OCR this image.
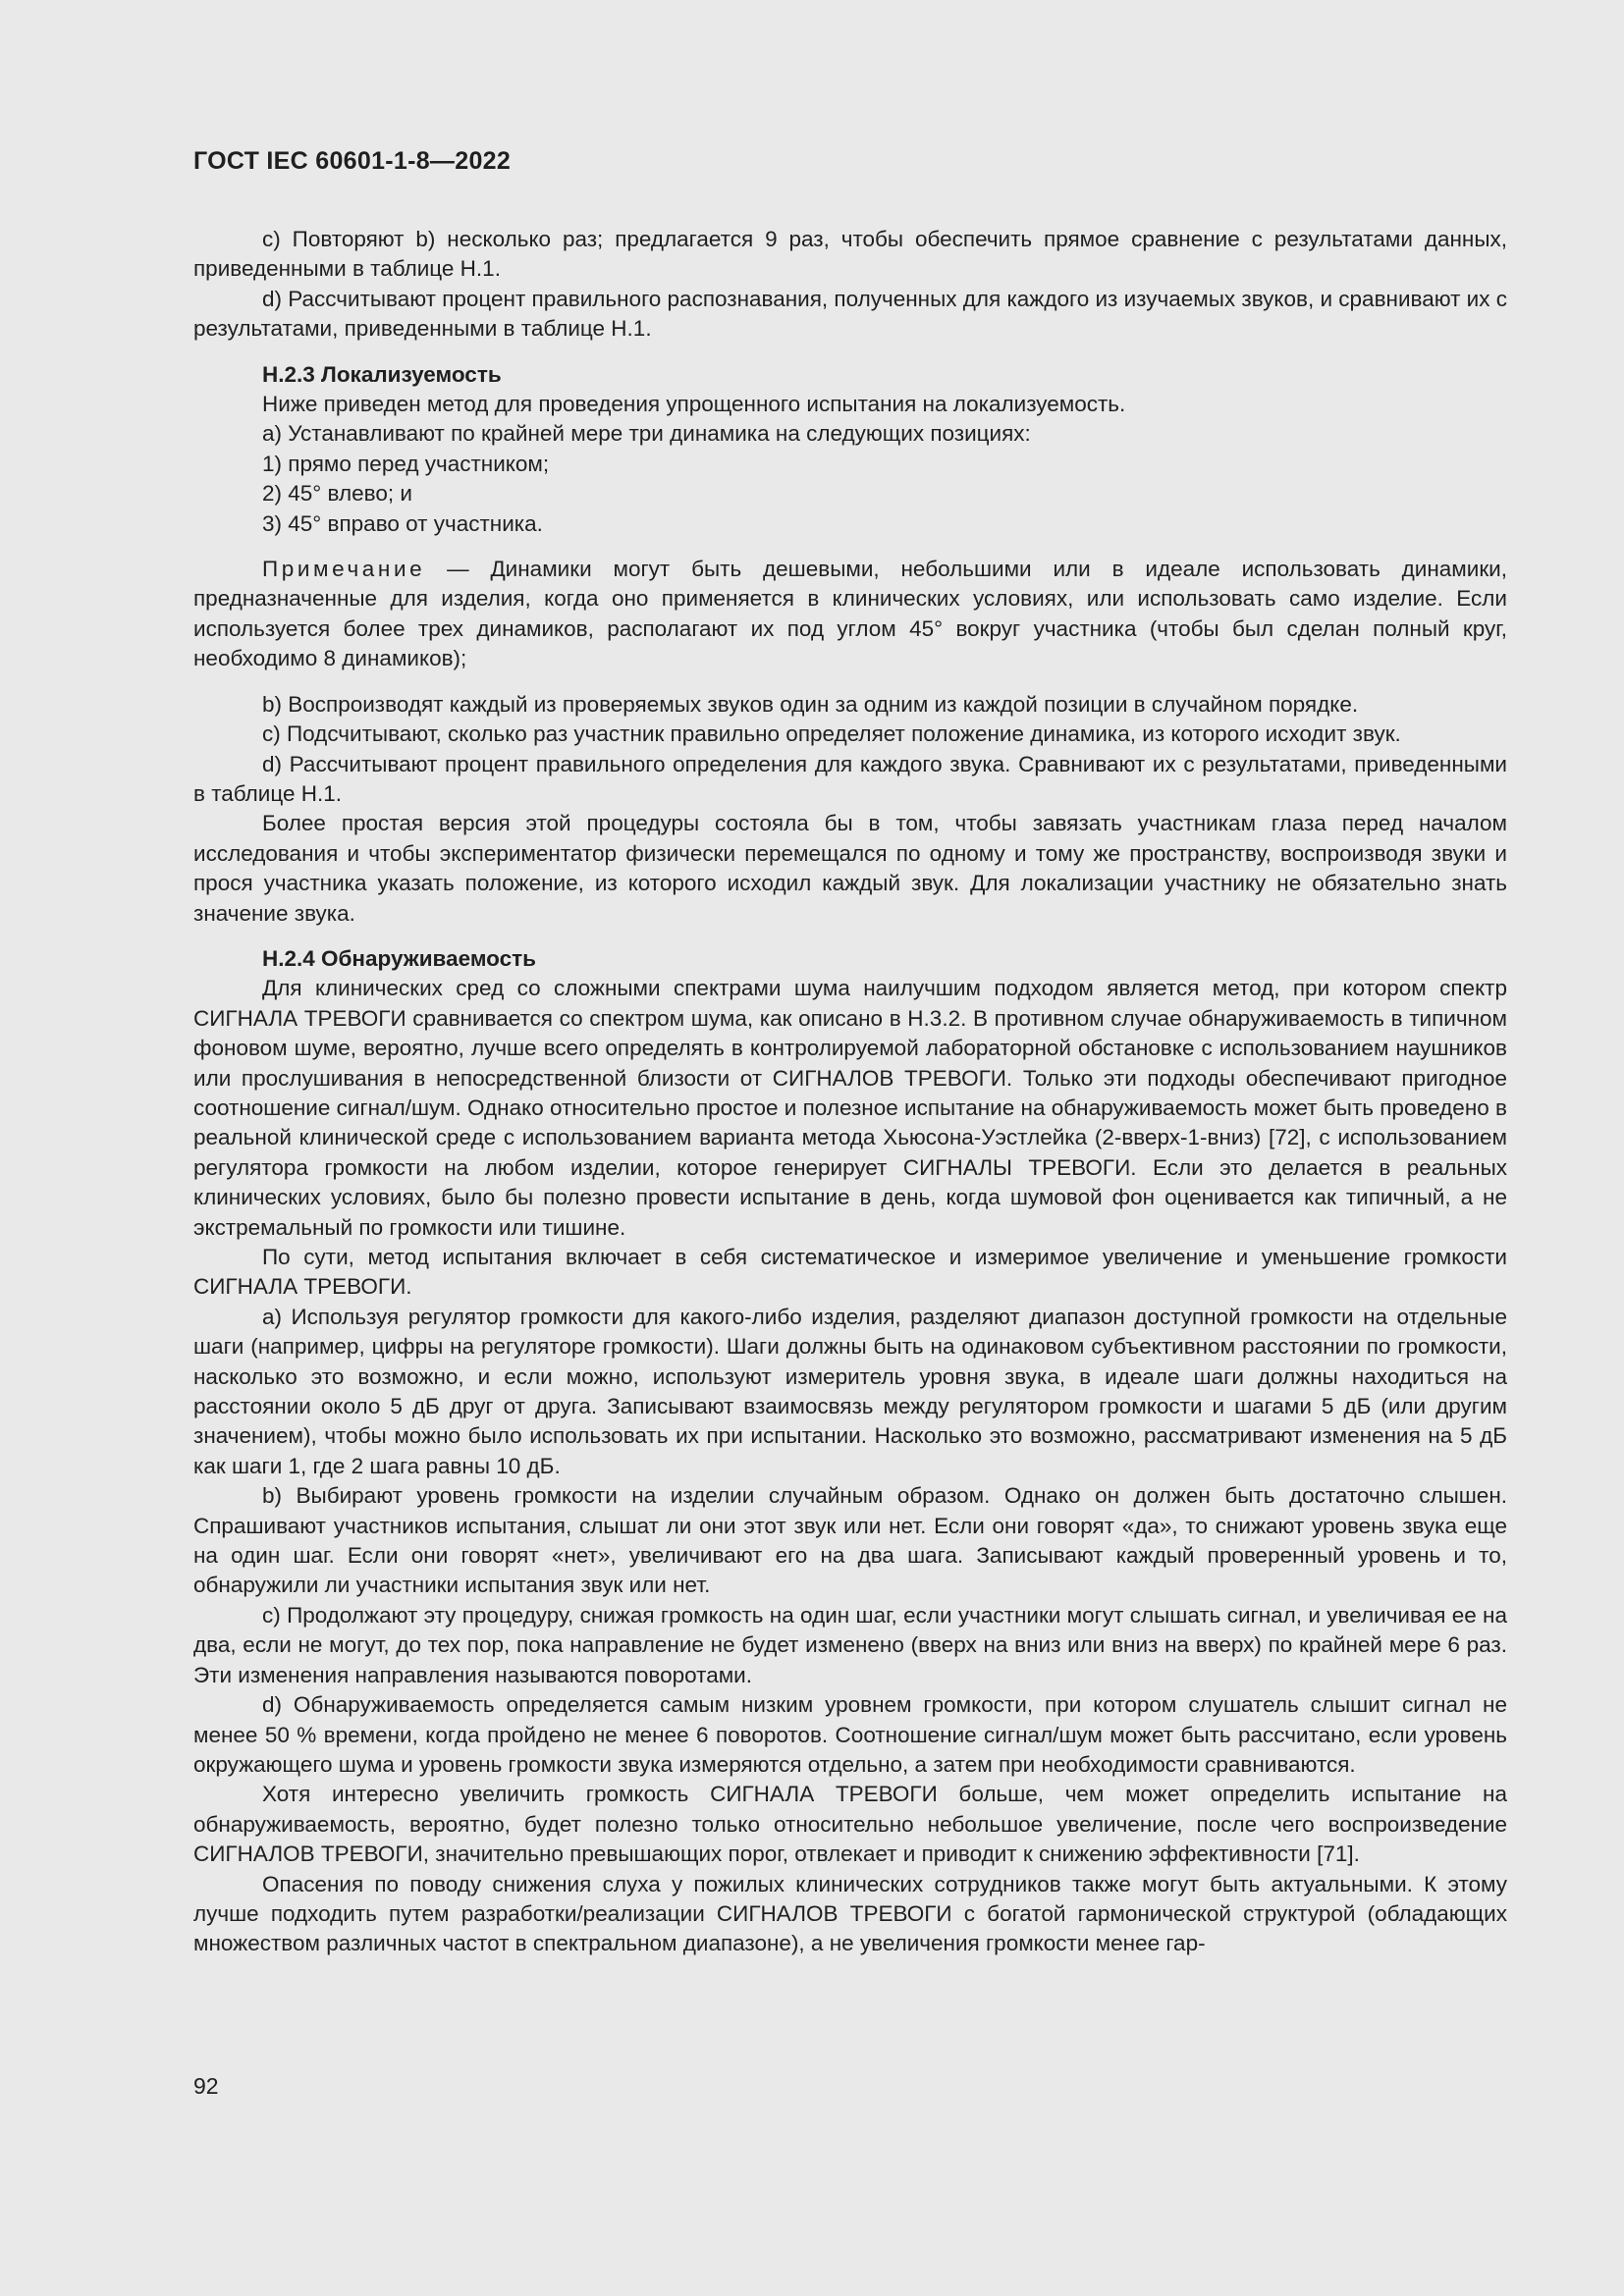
ГОСТ IEC 60601-1-8—2022

c) Повторяют b) несколько раз; предлагается 9 раз, чтобы обеспечить прямое сравнение с результатами данных, приведенными в таблице H.1.

d) Рассчитывают процент правильного распознавания, полученных для каждого из изучаемых звуков, и сравнивают их с результатами, приведенными в таблице H.1.

H.2.3 Локализуемость

Ниже приведен метод для проведения упрощенного испытания на локализуемость.

a) Устанавливают по крайней мере три динамика на следующих позициях:

1) прямо перед участником;

2) 45° влево; и

3) 45° вправо от участника.

Примечание — Динамики могут быть дешевыми, небольшими или в идеале использовать динамики, предназначенные для изделия, когда оно применяется в клинических условиях, или использовать само изделие. Если используется более трех динамиков, располагают их под углом 45° вокруг участника (чтобы был сделан полный круг, необходимо 8 динамиков);

b) Воспроизводят каждый из проверяемых звуков один за одним из каждой позиции в случайном порядке.

c) Подсчитывают, сколько раз участник правильно определяет положение динамика, из которого исходит звук.

d) Рассчитывают процент правильного определения для каждого звука. Сравнивают их с результатами, приведенными в таблице H.1.

Более простая версия этой процедуры состояла бы в том, чтобы завязать участникам глаза перед началом исследования и чтобы экспериментатор физически перемещался по одному и тому же пространству, воспроизводя звуки и прося участника указать положение, из которого исходил каждый звук. Для локализации участнику не обязательно знать значение звука.

H.2.4 Обнаруживаемость

Для клинических сред со сложными спектрами шума наилучшим подходом является метод, при котором спектр СИГНАЛА ТРЕВОГИ сравнивается со спектром шума, как описано в H.3.2. В противном случае обнаруживаемость в типичном фоновом шуме, вероятно, лучше всего определять в контролируемой лабораторной обстановке с использованием наушников или прослушивания в непосредственной близости от СИГНАЛОВ ТРЕВОГИ. Только эти подходы обеспечивают пригодное соотношение сигнал/шум. Однако относительно простое и полезное испытание на обнаруживаемость может быть проведено в реальной клинической среде с использованием варианта метода Хьюсона-Уэстлейка (2-вверх-1-вниз) [72], с использованием регулятора громкости на любом изделии, которое генерирует СИГНАЛЫ ТРЕВОГИ. Если это делается в реальных клинических условиях, было бы полезно провести испытание в день, когда шумовой фон оценивается как типичный, а не экстремальный по громкости или тишине.

По сути, метод испытания включает в себя систематическое и измеримое увеличение и уменьшение громкости СИГНАЛА ТРЕВОГИ.

a) Используя регулятор громкости для какого-либо изделия, разделяют диапазон доступной громкости на отдельные шаги (например, цифры на регуляторе громкости). Шаги должны быть на одинаковом субъективном расстоянии по громкости, насколько это возможно, и если можно, используют измеритель уровня звука, в идеале шаги должны находиться на расстоянии около 5 дБ друг от друга. Записывают взаимосвязь между регулятором громкости и шагами 5 дБ (или другим значением), чтобы можно было использовать их при испытании. Насколько это возможно, рассматривают изменения на 5 дБ как шаги 1, где 2 шага равны 10 дБ.

b) Выбирают уровень громкости на изделии случайным образом. Однако он должен быть достаточно слышен. Спрашивают участников испытания, слышат ли они этот звук или нет. Если они говорят «да», то снижают уровень звука еще на один шаг. Если они говорят «нет», увеличивают его на два шага. Записывают каждый проверенный уровень и то, обнаружили ли участники испытания звук или нет.

c) Продолжают эту процедуру, снижая громкость на один шаг, если участники могут слышать сигнал, и увеличивая ее на два, если не могут, до тех пор, пока направление не будет изменено (вверх на вниз или вниз на вверх) по крайней мере 6 раз. Эти изменения направления называются поворотами.

d) Обнаруживаемость определяется самым низким уровнем громкости, при котором слушатель слышит сигнал не менее 50 % времени, когда пройдено не менее 6 поворотов. Соотношение сигнал/шум может быть рассчитано, если уровень окружающего шума и уровень громкости звука измеряются отдельно, а затем при необходимости сравниваются.

Хотя интересно увеличить громкость СИГНАЛА ТРЕВОГИ больше, чем может определить испытание на обнаруживаемость, вероятно, будет полезно только относительно небольшое увеличение, после чего воспроизведение СИГНАЛОВ ТРЕВОГИ, значительно превышающих порог, отвлекает и приводит к снижению эффективности [71].

Опасения по поводу снижения слуха у пожилых клинических сотрудников также могут быть актуальными. К этому лучше подходить путем разработки/реализации СИГНАЛОВ ТРЕВОГИ с богатой гармонической структурой (обладающих множеством различных частот в спектральном диапазоне), а не увеличения громкости менее гар-

92
